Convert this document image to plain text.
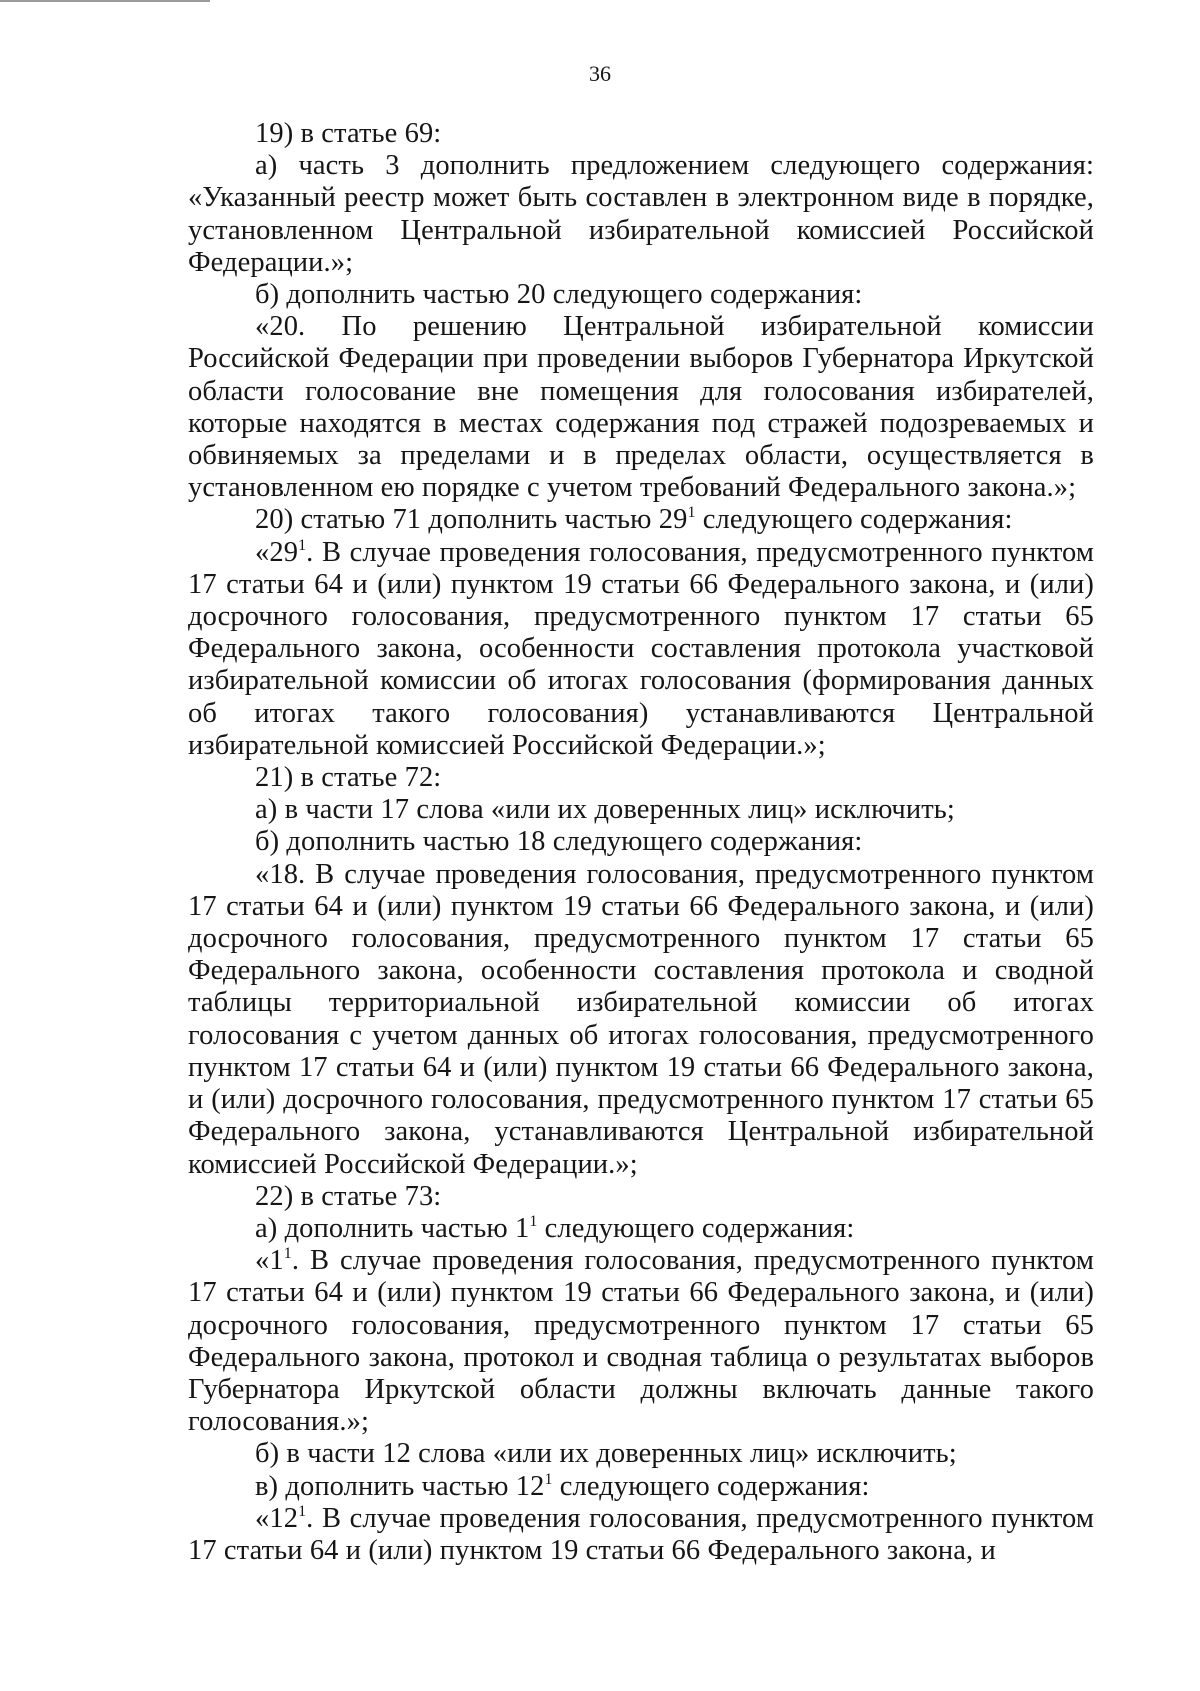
36

19) в статье 69:

а) часть 3 дополнить предложением следующего содержания: «Указанный реестр может быть составлен в электронном виде в порядке, установленном Центральной избирательной комиссией Российской Федерации.»;

б) дополнить частью 20 следующего содержания:

«20. По решению Центральной избирательной комиссии Российской Федерации при проведении выборов Губернатора Иркутской области голосование вне помещения для голосования избирателей, которые находятся в местах содержания под стражей подозреваемых и обвиняемых за пределами и в пределах области, осуществляется в установленном ею порядке с учетом требований Федерального закона.»;

20) статью 71 дополнить частью $29^1$ следующего содержания:

«$29^1$. В случае проведения голосования, предусмотренного пунктом 17 статьи 64 и (или) пунктом 19 статьи 66 Федерального закона, и (или) досрочного голосования, предусмотренного пунктом 17 статьи 65 Федерального закона, особенности составления протокола участковой избирательной комиссии об итогах голосования (формирования данных об итогах такого голосования) устанавливаются Центральной избирательной комиссией Российской Федерации.»;

21) в статье 72:

а) в части 17 слова «или их доверенных лиц» исключить;

б) дополнить частью 18 следующего содержания:

«18. В случае проведения голосования, предусмотренного пунктом 17 статьи 64 и (или) пунктом 19 статьи 66 Федерального закона, и (или) досрочного голосования, предусмотренного пунктом 17 статьи 65 Федерального закона, особенности составления протокола и сводной таблицы территориальной избирательной комиссии об итогах голосования с учетом данных об итогах голосования, предусмотренного пунктом 17 статьи 64 и (или) пунктом 19 статьи 66 Федерального закона, и (или) досрочного голосования, предусмотренного пунктом 17 статьи 65 Федерального закона, устанавливаются Центральной избирательной комиссией Российской Федерации.»;

22) в статье 73:

а) дополнить частью $1^1$ следующего содержания:

«$1^1$. В случае проведения голосования, предусмотренного пунктом 17 статьи 64 и (или) пунктом 19 статьи 66 Федерального закона, и (или) досрочного голосования, предусмотренного пунктом 17 статьи 65 Федерального закона, протокол и сводная таблица о результатах выборов Губернатора Иркутской области должны включать данные такого голосования.»;

б) в части 12 слова «или их доверенных лиц» исключить;

в) дополнить частью $12^1$ следующего содержания:

«$12^1$. В случае проведения голосования, предусмотренного пунктом 17 статьи 64 и (или) пунктом 19 статьи 66 Федерального закона, и
